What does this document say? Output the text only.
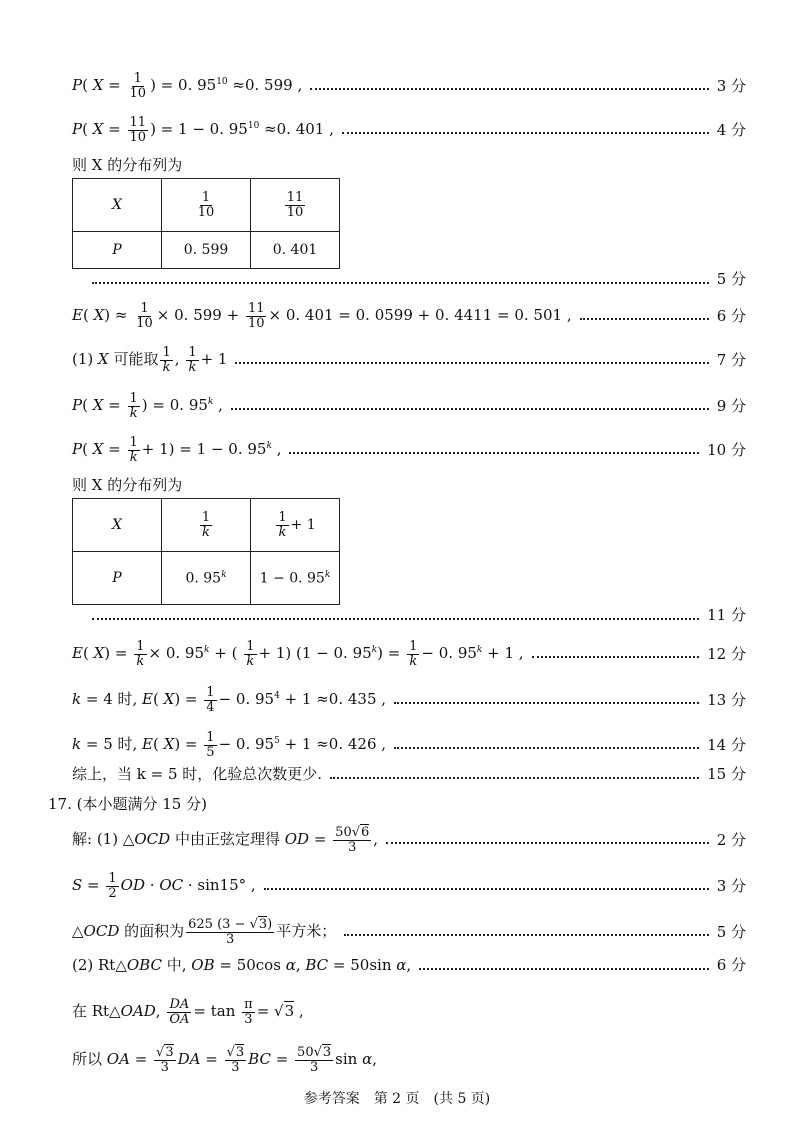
P( $X = \frac{1}{10}$ ) = 0. $95^{10} \approx 0$. 599 ,	3 分
P( $X = \frac{11}{10}$ ) = 1 − 0. $95^{10} \approx 0$. 401 ,	4 分
则 X 的分布列为
X	$\frac{1}{10}$	$\frac{11}{10}$

P	0. 599	0. 401
5 分
E( $X) \approx \frac{1}{10} \times 0$. $599 + \frac{11}{10} \times 0$. 401 = 0. 0599 + 0. 4411 = 0. 501 ,	6 分
(1) X 可能取 $\frac{1}{k}$ , $\frac{1}{k} + 1$	7 分
P( $X = \frac{1}{k}$ ) = 0. 95$^k$ ,	9 分
P( $X = \frac{1}{k} + 1) = 1 - 0$. 95$^k$ ,	10 分
则 X 的分布列为
X	$\frac{1}{k}$	$\frac{1}{k} + 1$
P	0. 95$^k$	1 − 0. 95$^k$
11 分
E( $X) = \frac{1}{k} \times 0$. $95^k$ + ( $\frac{1}{k} + 1$) (1 − 0. $95^k) = \frac{1}{k} - 0$. $95^k + 1$ ,	12 分
k = 4 时, E( $X) = \frac{1}{4} - 0$. $95^4 + 1 \approx 0$. 435 ,	13 分
k = 5 时, E( $X) = \frac{1}{5} - 0$. $95^5 + 1 \approx 0$. 426 ,	14 分
综上，当 k = 5 时，化验总次数更少.	15 分
17. (本小题满分 15 分)
解: (1) △OCD 中由正弦定理得 OD = $\frac{50√6}{3}$ ,	2 分
$S = \frac{1}{2}$ OD · OC · sin15° ,	3 分
△OCD 的面积为 $\frac{625 (3 - √3)}{3}$ 平方米；	5 分
(2) Rt△OBC 中, OB = 50cos α, BC = 50sin α,	6 分
在 Rt△OAD, $\frac{DA}{OA} = \tan \frac{\pi}{3} = √3$ ,
所以 OA = $\frac{√3}{3}$ DA = $\frac{√3}{3}$ BC = $\frac{50√3}{3}$ sin α,
参考答案　第 2 页　(共 5 页)
